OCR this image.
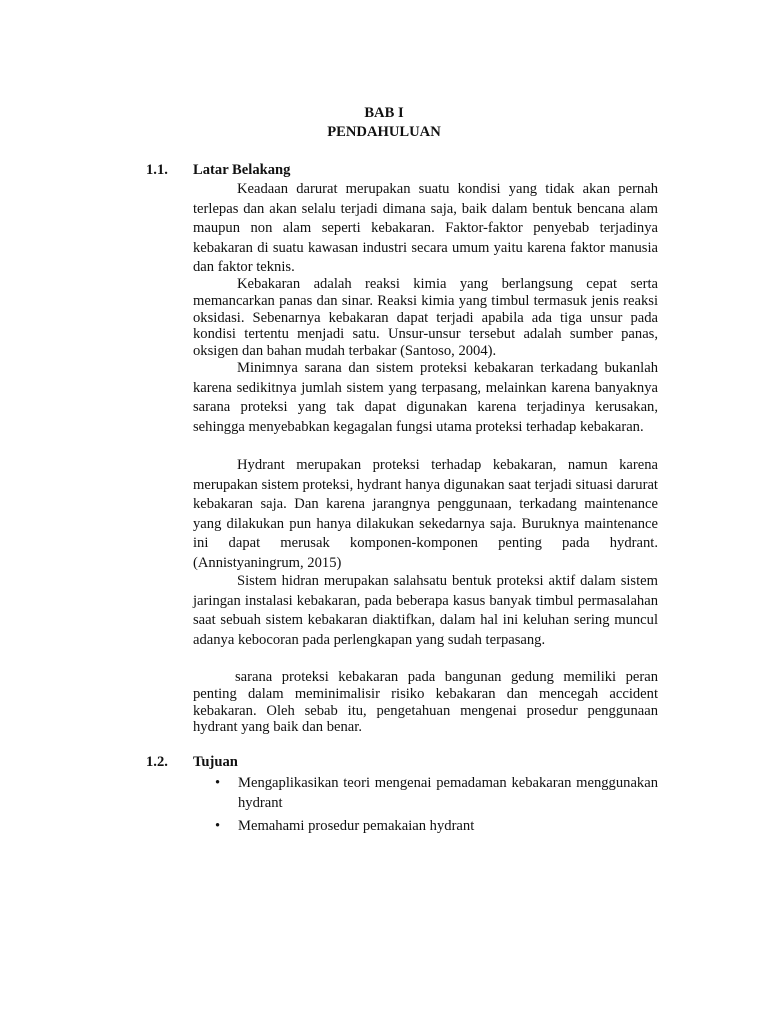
BAB I
PENDAHULUAN
1.1. Latar Belakang

Keadaan darurat merupakan suatu kondisi yang tidak akan pernah terlepas dan akan selalu terjadi dimana saja, baik dalam bentuk bencana alam maupun non alam seperti kebakaran. Faktor-faktor penyebab terjadinya kebakaran di suatu kawasan industri secara umum yaitu karena faktor manusia dan faktor teknis.

Kebakaran adalah reaksi kimia yang berlangsung cepat serta memancarkan panas dan sinar. Reaksi kimia yang timbul termasuk jenis reaksi oksidasi. Sebenarnya kebakaran dapat terjadi apabila ada tiga unsur pada kondisi tertentu menjadi satu. Unsur-unsur tersebut adalah sumber panas, oksigen dan bahan mudah terbakar (Santoso, 2004).

Minimnya sarana dan sistem proteksi kebakaran terkadang bukanlah karena sedikitnya jumlah sistem yang terpasang, melainkan karena banyaknya sarana proteksi yang tak dapat digunakan karena terjadinya kerusakan, sehingga menyebabkan kegagalan fungsi utama proteksi terhadap kebakaran.

Hydrant merupakan proteksi terhadap kebakaran, namun karena merupakan sistem proteksi, hydrant hanya digunakan saat terjadi situasi darurat kebakaran saja. Dan karena jarangnya penggunaan, terkadang maintenance yang dilakukan pun hanya dilakukan sekedarnya saja. Buruknya maintenance ini dapat merusak komponen-komponen penting pada hydrant. (Annistyaningrum, 2015)

Sistem hidran merupakan salahsatu bentuk proteksi aktif dalam sistem jaringan instalasi kebakaran, pada beberapa kasus banyak timbul permasalahan saat sebuah sistem kebakaran diaktifkan, dalam hal ini keluhan sering muncul adanya kebocoran pada perlengkapan yang sudah terpasang.

sarana proteksi kebakaran pada bangunan gedung memiliki peran penting dalam meminimalisir risiko kebakaran dan mencegah accident kebakaran. Oleh sebab itu, pengetahuan mengenai prosedur penggunaan hydrant yang baik dan benar.

1.2. Tujuan
• Mengaplikasikan teori mengenai pemadaman kebakaran menggunakan hydrant
• Memahami prosedur pemakaian hydrant
